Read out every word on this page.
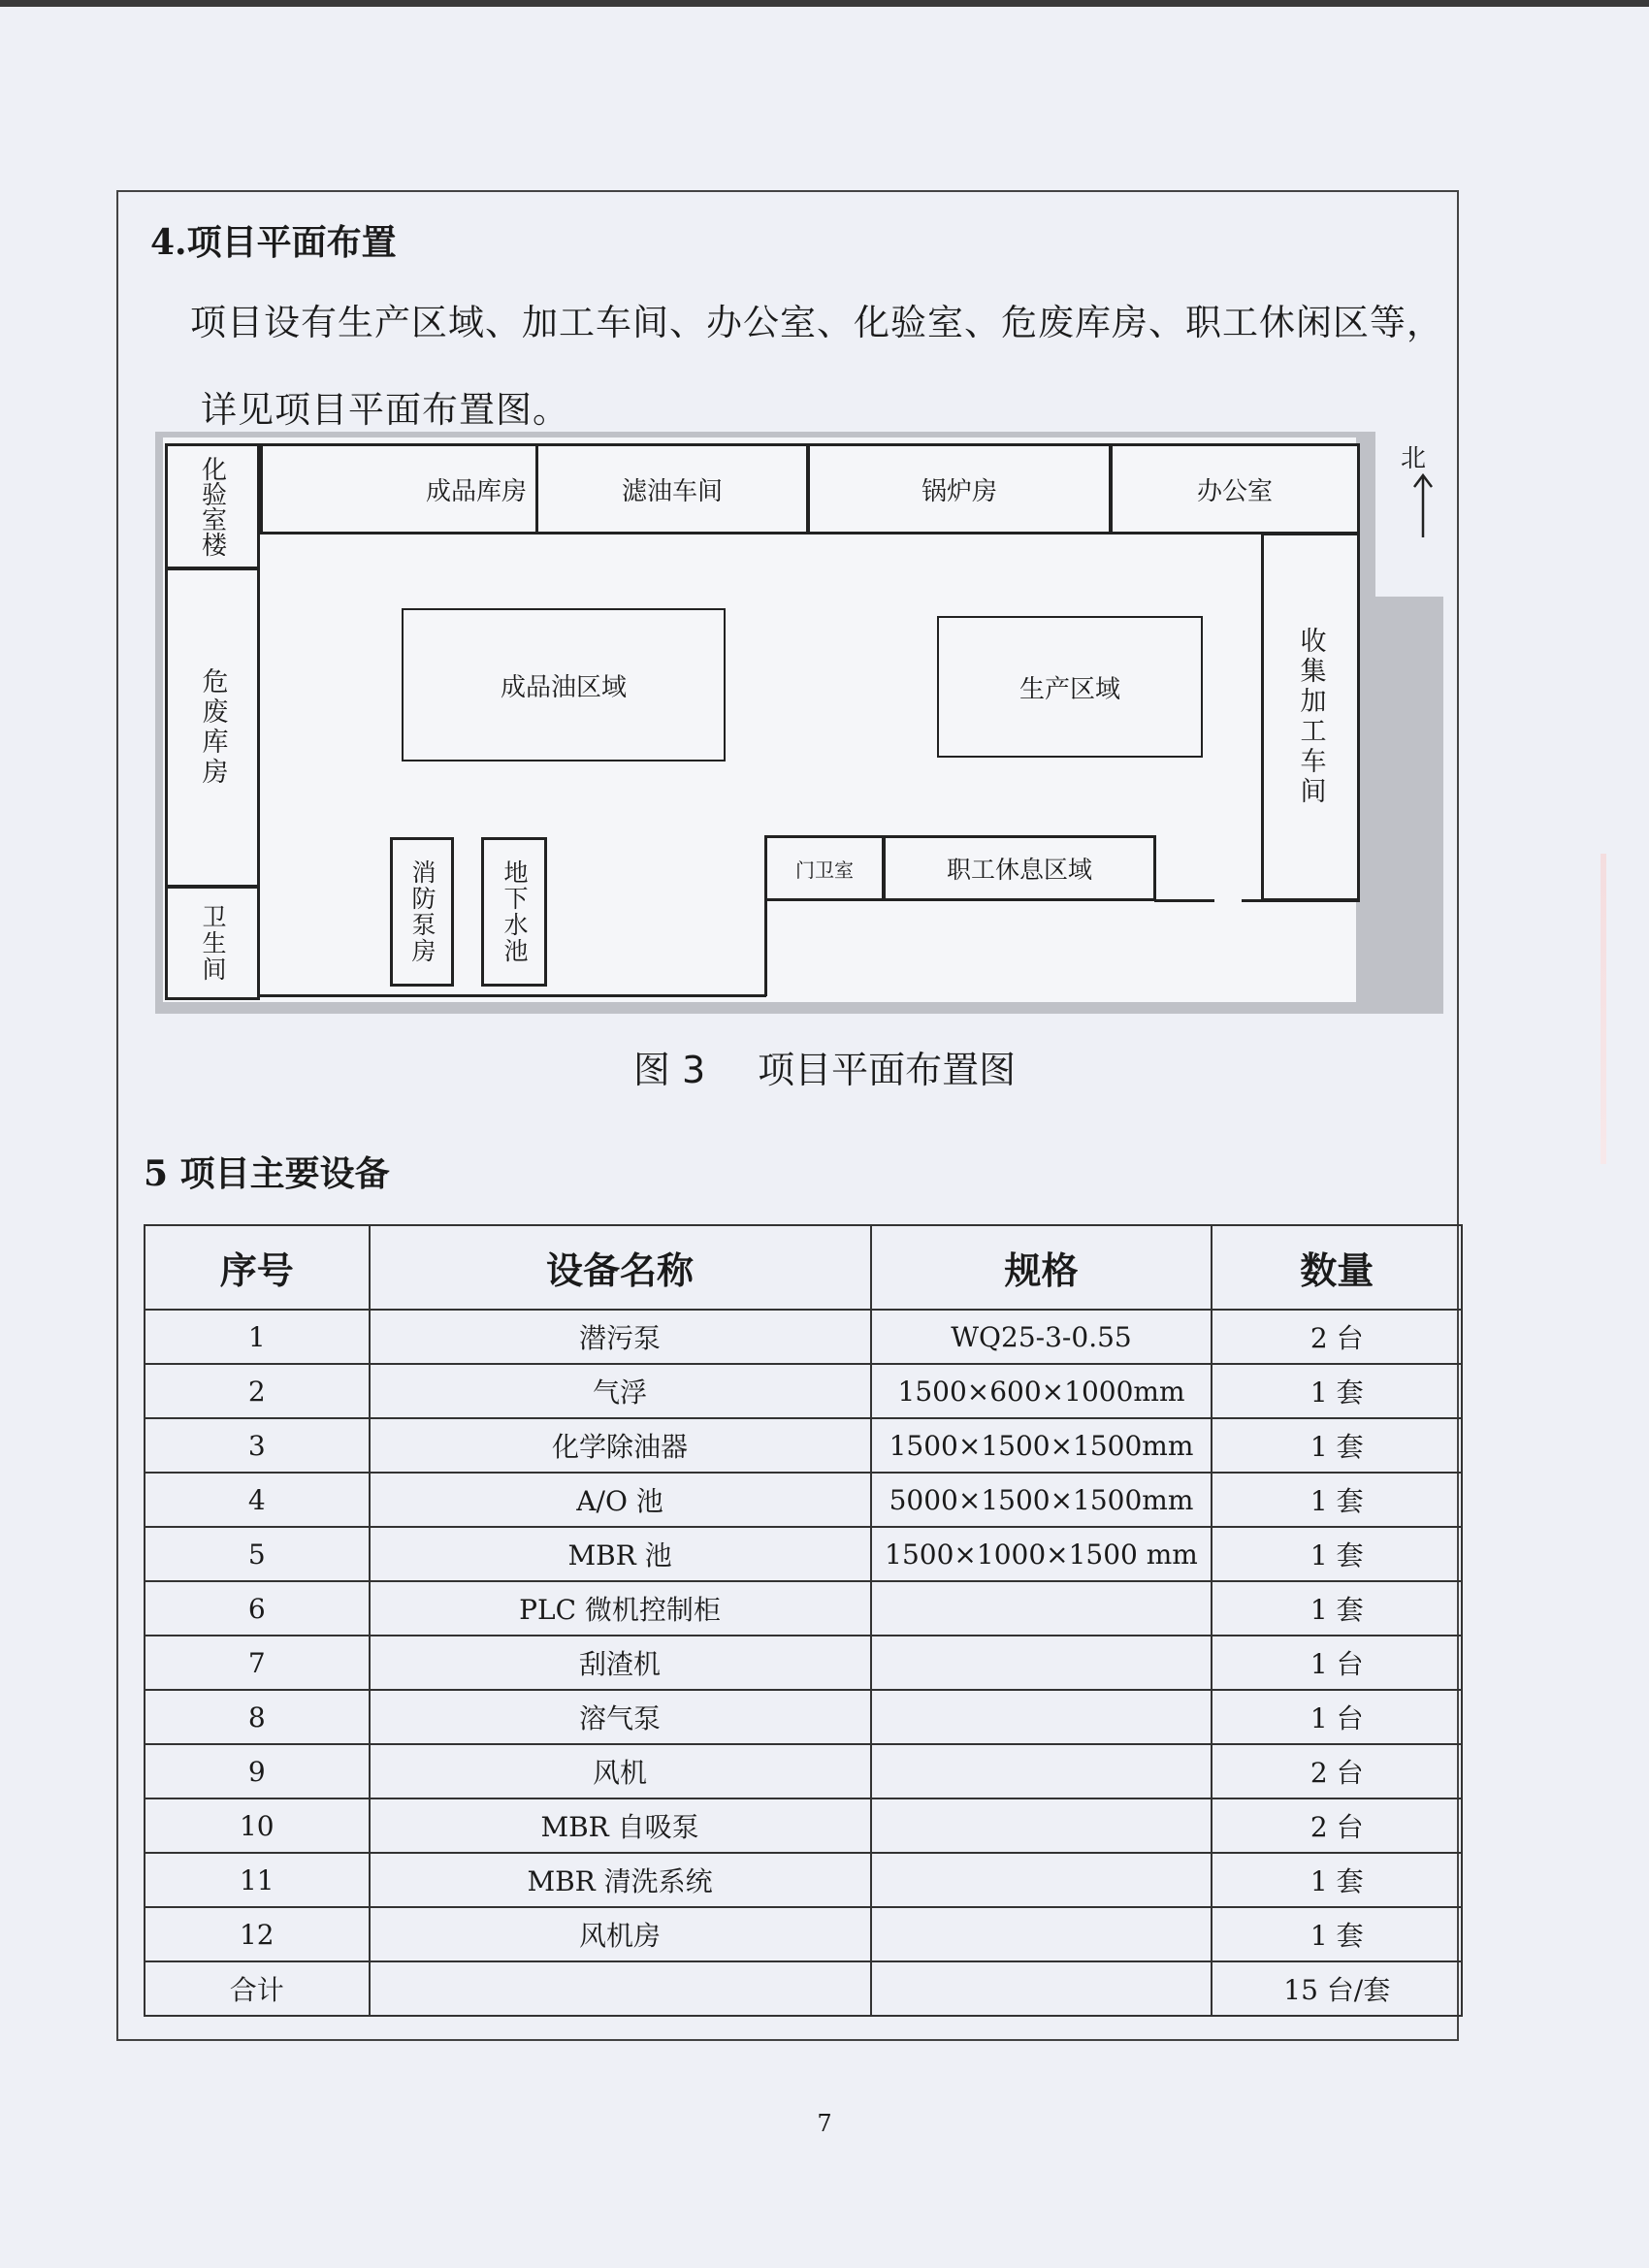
4.项目平面布置
项目设有生产区域、加工车间、办公室、化验室、危废库房、职工休闲区等，
详见项目平面布置图。
化验室楼	成品库房	滤油车间	锅炉房	办公室
危废库房
卫生间
收集加工车间
成品油区域	生产区域
消防泵房	地下水池	门卫室	职工休息区域
北
图 3 项目平面布置图
5 项目主要设备
序号	设备名称	规格	数量
1	潜污泵	WQ25-3-0.55	2 台
2	气浮	1500×600×1000mm	1 套
3	化学除油器	1500×1500×1500mm	1 套
4	A/O 池	5000×1500×1500mm	1 套
5	MBR 池	1500×1000×1500 mm	1 套
6	PLC 微机控制柜		1 套
7	刮渣机		1 台
8	溶气泵		1 台
9	风机		2 台
10	MBR 自吸泵		2 台
11	MBR 清洗系统		1 套
12	风机房		1 套
合计			15 台/套
7
